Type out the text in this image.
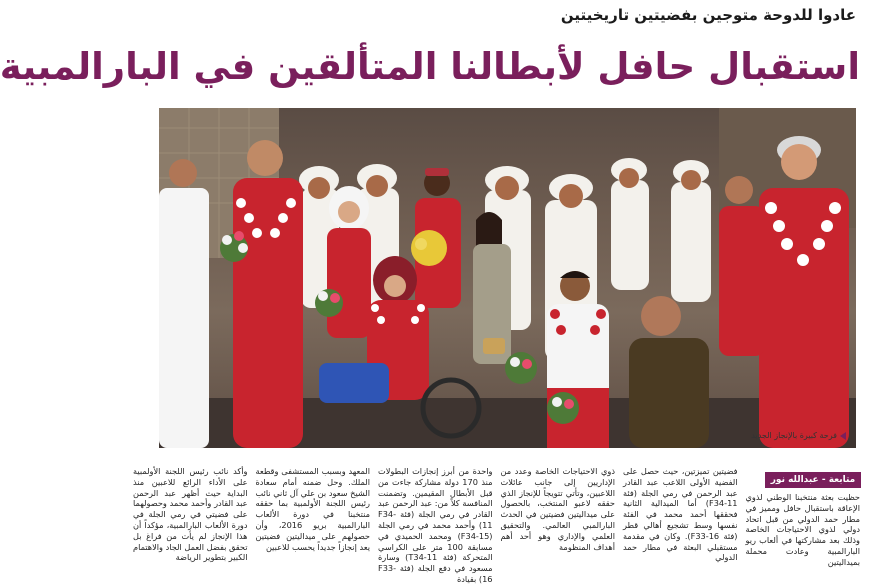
عادوا للدوحة متوجين بفضيتين تاريخيتين
استقبال حافل لأبطالنا المتألقين في البارالمبية
فرحة كبيرة بالإنجاز الجديد
متابعة - عبدالله نور
حظيت بعثة منتخبنا الوطني لذوي الإعاقة باستقبال حافل ومميز في مطار حمد الدولي من قبل اتحاد دولي لذوي الاحتياجات الخاصة وذلك بعد مشاركتها في ألعاب ريو البارالمبية وعادت محملة بميداليتين
فضيتين تميزتين، حيث حصل على الفضية الأولى اللاعب عبد القادر عبد الرحمن في رمي الجلة (فئة F34-11) أما الميدالية الثانية فحققها أحمد محمد في الفئة نفسها وسط تشجيع أهالي قطر (فئة F33-16). وكان في مقدمة مستقبلي البعثة في مطار حمد الدولي
ذوي الاحتياجات الخاصة وعدد من الإداريين إلى جانب عائلات اللاعبين، وتأتي تتويجاً للإنجاز الذي حققه لاعبو المنتخب، بالحصول على ميداليتين فضيتين في الحدث البارالمبي العالمي. والتحقيق العلمي والإداري وهو أحد أهم أهداف المنظومة
واحدة من أبرز إنجازات البطولات منذ 170 دولة مشاركة جاءت من قبل الأبطال المقيمين. وتضمنت المنافسة كلاً من: عبد الرحمن عبد القادر في رمي الجلة (فئة F34-11) وأحمد محمد في رمي الجلة (F34-15) ومحمد الحميدي في مسابقة 100 متر على الكراسي المتحركة (فئة T34-11) وسارة مسعود في دفع الجلة (فئة F33-16) بقيادة
المعهد وبسبب المستشفى وقطعة الملك. وحل ضمنه أمام سعادة الشيخ سعود بن علي آل ثاني نائب رئيس اللجنة الأولمبية بما حققه منتخبنا في دورة الألعاب البارالمبية بريو 2016، وأن حصولهم على ميداليتين فضيتين يعد إنجازاً جديداً يحسب للاعبين
وأكد نائب رئيس اللجنة الأولمبية على الأداء الرائع للاعبين منذ البداية حيث أظهر عبد الرحمن عبد القادر وأحمد محمد وحصولهما على فضيتي في رمي الجلة في دورة الألعاب البارالمبية، مؤكداً أن هذا الإنجاز لم يأت من فراغ بل تحقق بفضل العمل الجاد والاهتمام الكبير بتطوير الرياضة
